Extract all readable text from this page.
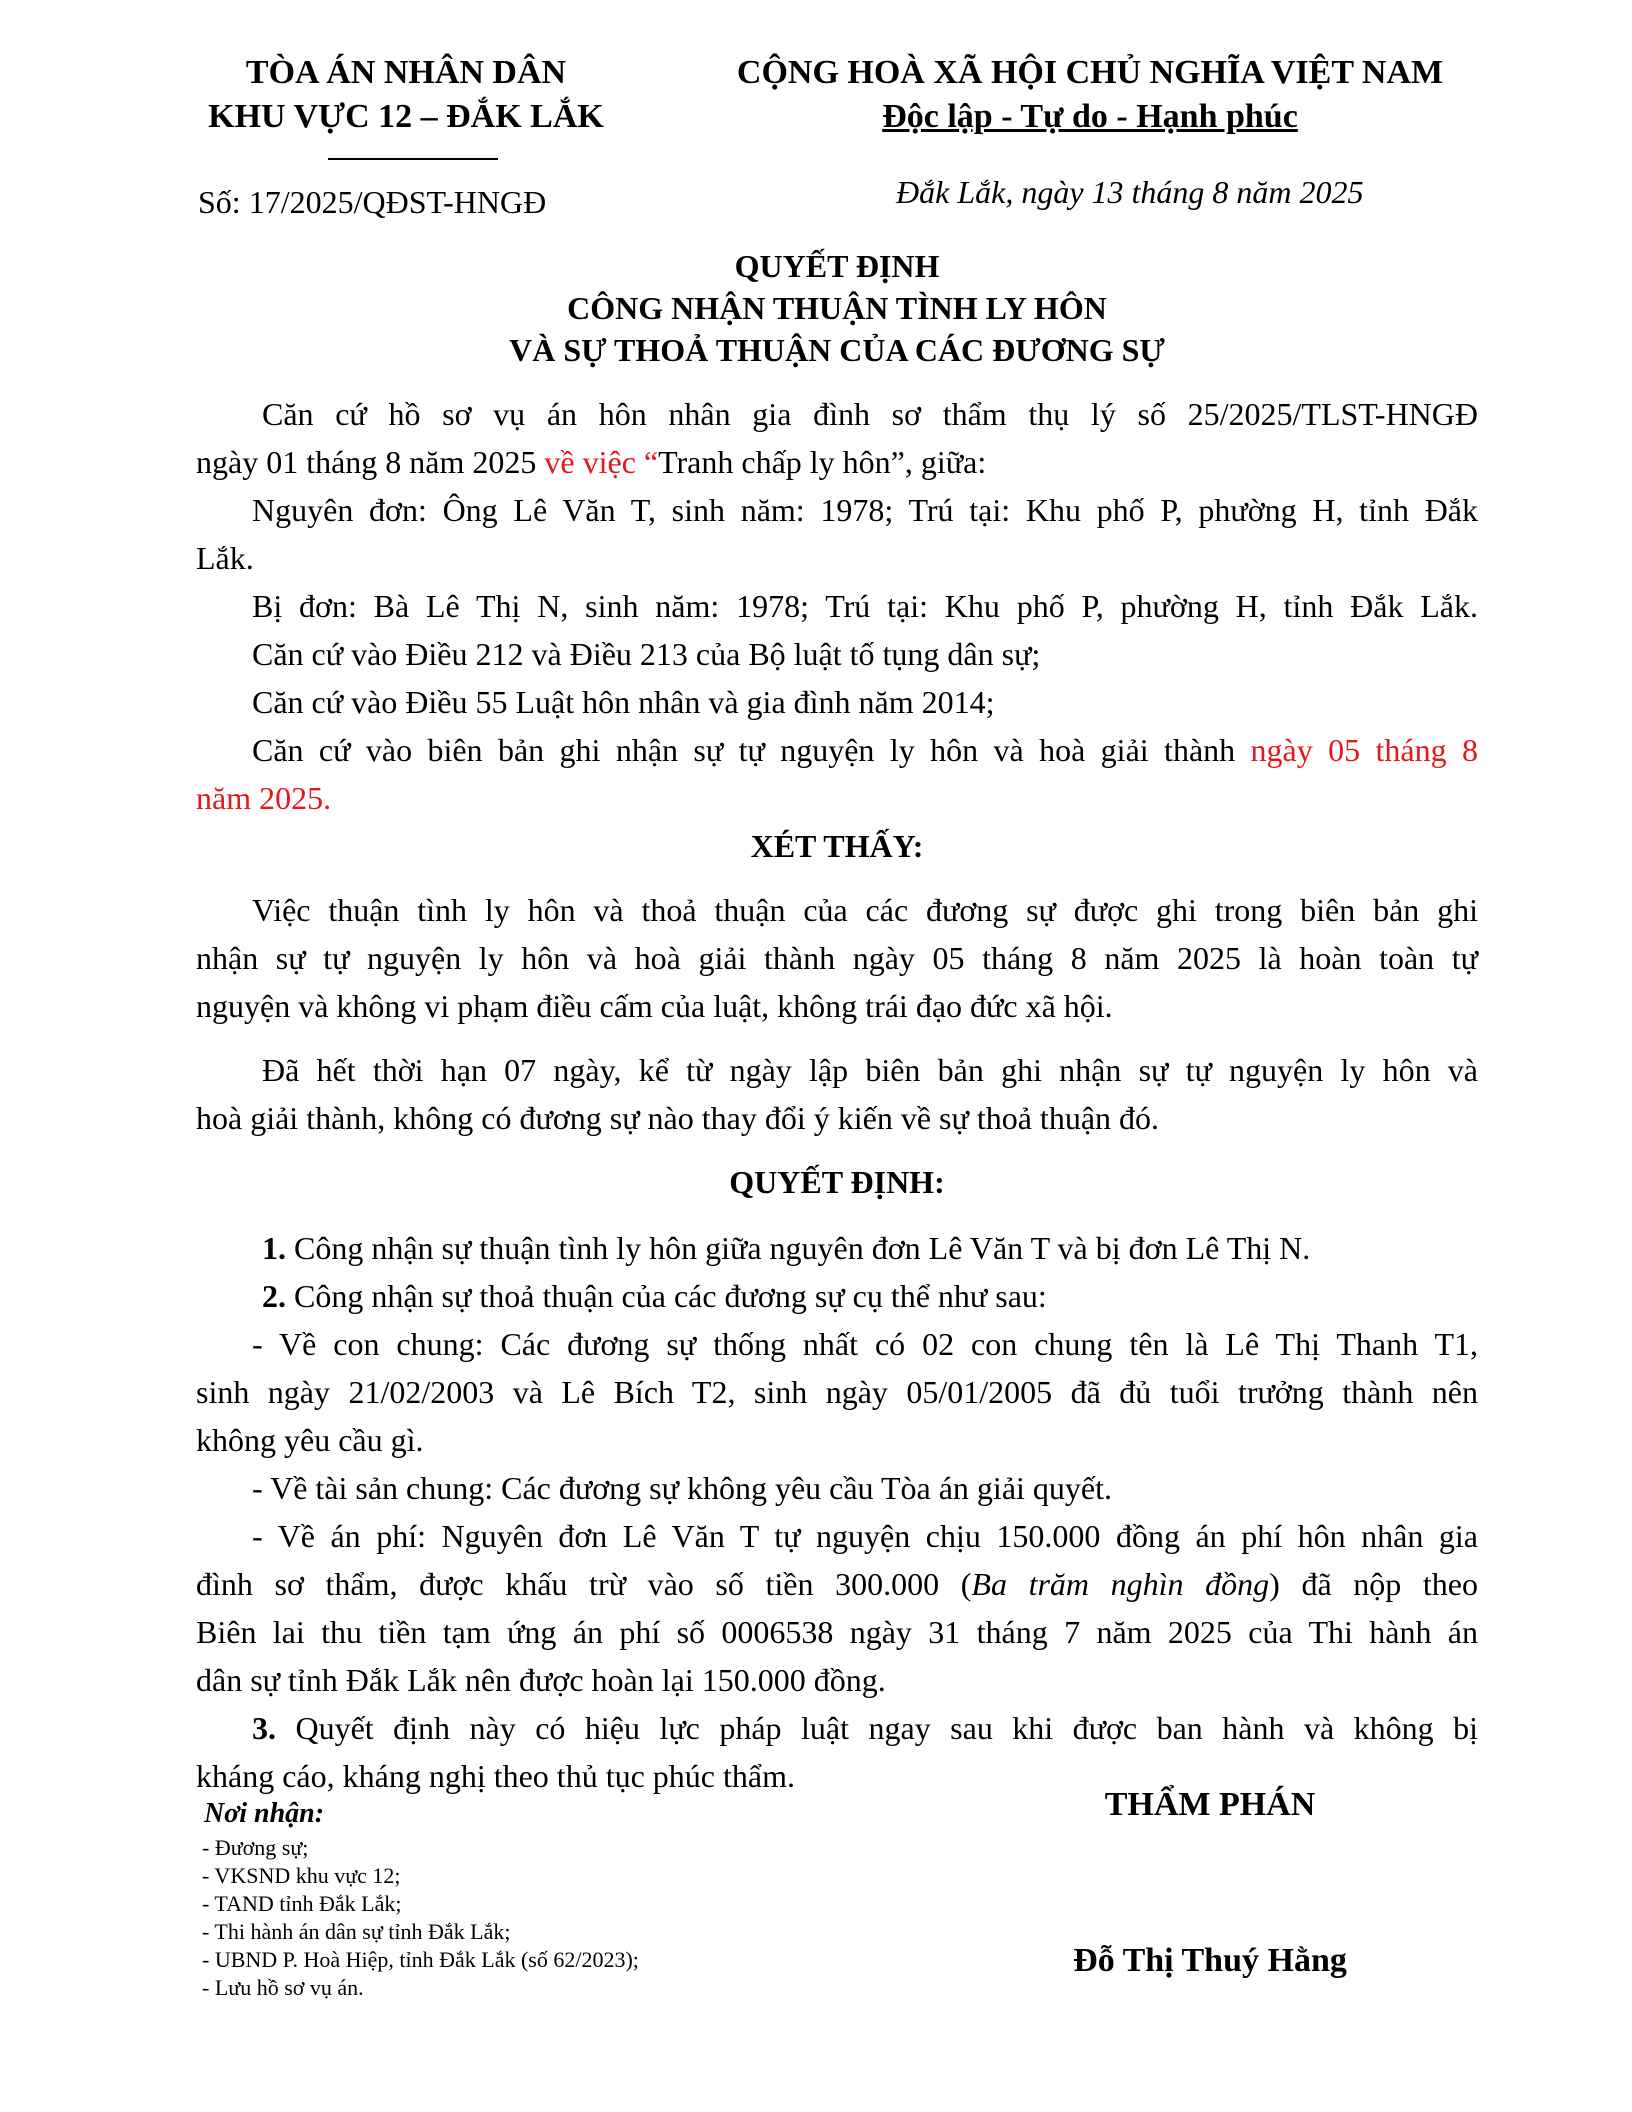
TÒA ÁN NHÂN DÂN
KHU VỰC 12 – ĐẮK LẮK
CỘNG HOÀ XÃ HỘI CHỦ NGHĨA VIỆT NAM
Độc lập - Tự do - Hạnh phúc
Số: 17/2025/QĐST-HNGĐ	Đắk Lắk, ngày 13 tháng 8 năm 2025
QUYẾT ĐỊNH
CÔNG NHẬN THUẬN TÌNH LY HÔN
VÀ SỰ THOẢ THUẬN CỦA CÁC ĐƯƠNG SỰ
Căn cứ hồ sơ vụ án hôn nhân gia đình sơ thẩm thụ lý số 25/2025/TLST-HNGĐ
ngày 01 tháng 8 năm 2025 về việc “Tranh chấp ly hôn”, giữa:
Nguyên đơn: Ông Lê Văn T, sinh năm: 1978; Trú tại: Khu phố P, phường H, tỉnh Đắk
Lắk.
Bị đơn: Bà Lê Thị N, sinh năm: 1978; Trú tại: Khu phố P, phường H, tỉnh Đắk Lắk.
Căn cứ vào Điều 212 và Điều 213 của Bộ luật tố tụng dân sự;
Căn cứ vào Điều 55 Luật hôn nhân và gia đình năm 2014;
Căn cứ vào biên bản ghi nhận sự tự nguyện ly hôn và hoà giải thành ngày 05 tháng 8
năm 2025.
XÉT THẤY:
Việc thuận tình ly hôn và thoả thuận của các đương sự được ghi trong biên bản ghi
nhận sự tự nguyện ly hôn và hoà giải thành ngày 05 tháng 8 năm 2025 là hoàn toàn tự
nguyện và không vi phạm điều cấm của luật, không trái đạo đức xã hội.
Đã hết thời hạn 07 ngày, kể từ ngày lập biên bản ghi nhận sự tự nguyện ly hôn và
hoà giải thành, không có đương sự nào thay đổi ý kiến về sự thoả thuận đó.
QUYẾT ĐỊNH:
1. Công nhận sự thuận tình ly hôn giữa nguyên đơn Lê Văn T và bị đơn Lê Thị N.
2. Công nhận sự thoả thuận của các đương sự cụ thể như sau:
- Về con chung: Các đương sự thống nhất có 02 con chung tên là Lê Thị Thanh T1,
sinh ngày 21/02/2003 và Lê Bích T2, sinh ngày 05/01/2005 đã đủ tuổi trưởng thành nên
không yêu cầu gì.
- Về tài sản chung: Các đương sự không yêu cầu Tòa án giải quyết.
- Về án phí: Nguyên đơn Lê Văn T tự nguyện chịu 150.000 đồng án phí hôn nhân gia
đình sơ thẩm, được khấu trừ vào số tiền 300.000 (Ba trăm nghìn đồng) đã nộp theo
Biên lai thu tiền tạm ứng án phí số 0006538 ngày 31 tháng 7 năm 2025 của Thi hành án
dân sự tỉnh Đắk Lắk nên được hoàn lại 150.000 đồng.
3. Quyết định này có hiệu lực pháp luật ngay sau khi được ban hành và không bị
kháng cáo, kháng nghị theo thủ tục phúc thẩm.
Nơi nhận:
- Đương sự;
- VKSND khu vực 12;
- TAND tỉnh Đắk Lắk;
- Thi hành án dân sự tỉnh Đắk Lắk;
- UBND P. Hoà Hiệp, tỉnh Đắk Lắk (số 62/2023);
- Lưu hồ sơ vụ án.
THẨM PHÁN
Đỗ Thị Thuý Hằng
